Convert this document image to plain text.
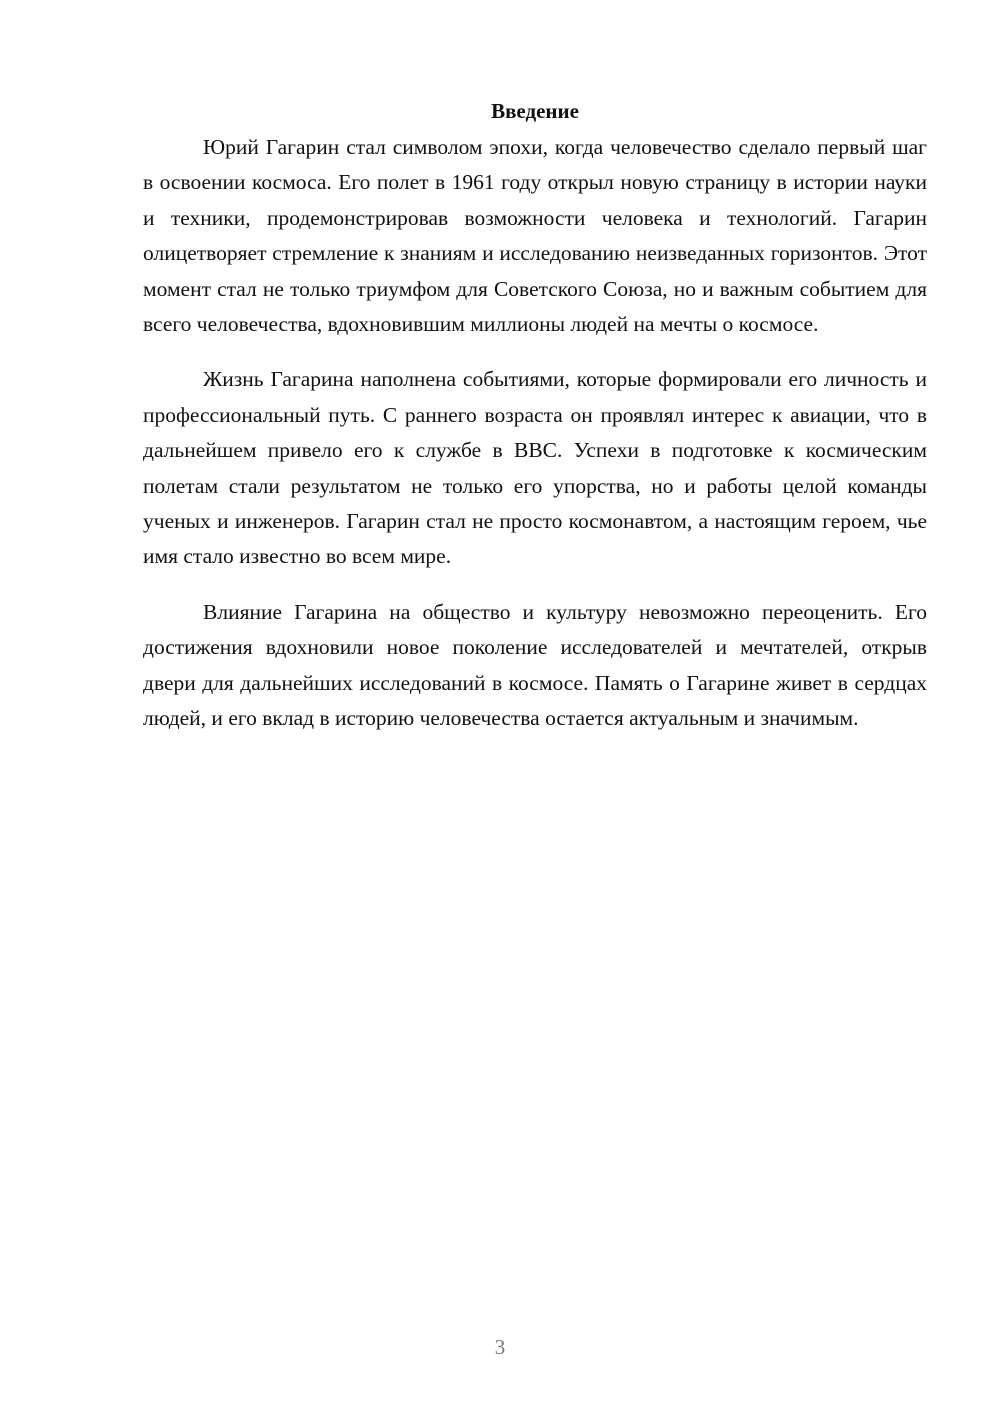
Введение

Юрий Гагарин стал символом эпохи, когда человечество сделало первый шаг в освоении космоса. Его полет в 1961 году открыл новую страницу в истории науки и техники, продемонстрировав возможности человека и технологий. Гагарин олицетворяет стремление к знаниям и исследованию неизведанных горизонтов. Этот момент стал не только триумфом для Советского Союза, но и важным событием для всего человечества, вдохновившим миллионы людей на мечты о космосе.

Жизнь Гагарина наполнена событиями, которые формировали его личность и профессиональный путь. С раннего возраста он проявлял интерес к авиации, что в дальнейшем привело его к службе в ВВС. Успехи в подготовке к космическим полетам стали результатом не только его упорства, но и работы целой команды ученых и инженеров. Гагарин стал не просто космонавтом, а настоящим героем, чье имя стало известно во всем мире.

Влияние Гагарина на общество и культуру невозможно переоценить. Его достижения вдохновили новое поколение исследователей и мечтателей, открыв двери для дальнейших исследований в космосе. Память о Гагарине живет в сердцах людей, и его вклад в историю человечества остается актуальным и значимым.

3
